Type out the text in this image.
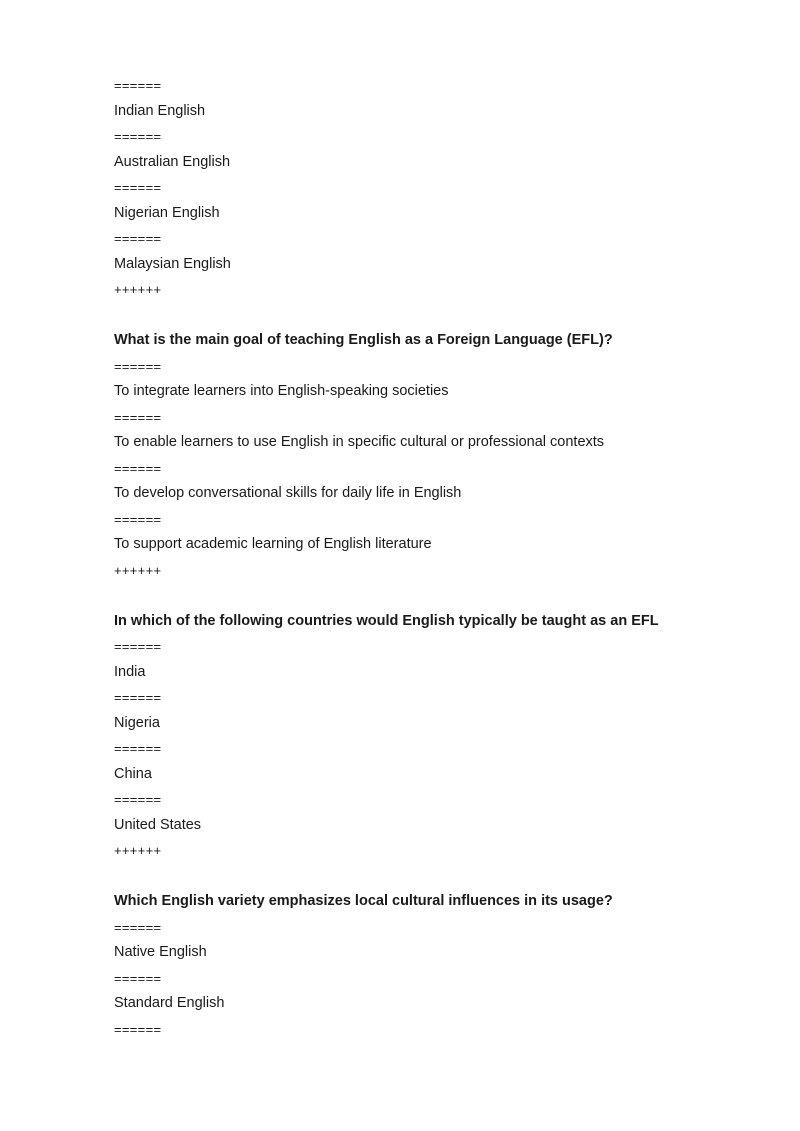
======
Indian English
======
Australian English
======
Nigerian English
======
Malaysian English
++++++
What is the main goal of teaching English as a Foreign Language (EFL)?
======
To integrate learners into English-speaking societies
======
To enable learners to use English in specific cultural or professional contexts
======
To develop conversational skills for daily life in English
======
To support academic learning of English literature
++++++
In which of the following countries would English typically be taught as an EFL
======
India
======
Nigeria
======
China
======
United States
++++++
Which English variety emphasizes local cultural influences in its usage?
======
Native English
======
Standard English
======
